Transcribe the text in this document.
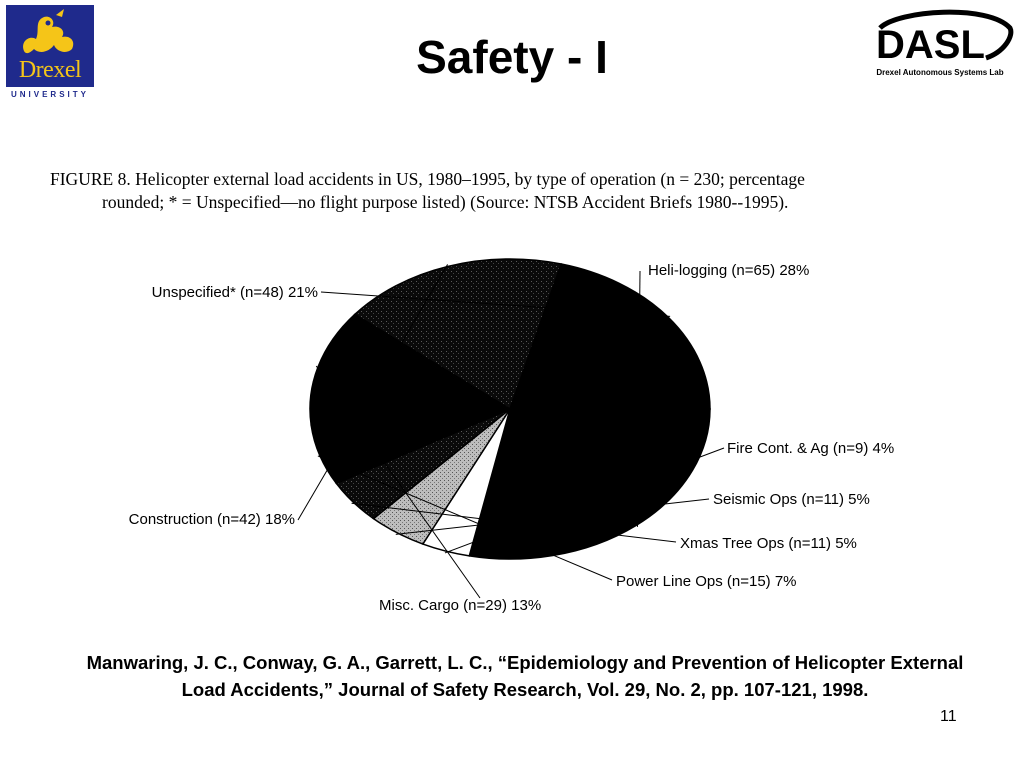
Drexel
UNIVERSITY
Safety - I	DASL
Drexel Autonomous Systems Lab
FIGURE 8. Helicopter external load accidents in US, 1980–1995, by type of operation (n = 230; percentage
rounded; * = Unspecified—no flight purpose listed) (Source: NTSB Accident Briefs 1980--1995).
Heli-logging (n=65) 28%
Fire Cont. & Ag (n=9) 4%
Seismic Ops (n=11) 5%
Xmas Tree Ops (n=11) 5%
Power Line Ops (n=15) 7%
Misc. Cargo (n=29) 13%
Construction (n=42) 18%
Unspecified* (n=48) 21%
Manwaring, J. C., Conway, G. A., Garrett, L. C., “Epidemiology and Prevention of Helicopter External Load Accidents,” Journal of Safety Research, Vol. 29, No. 2, pp. 107-121, 1998.
11
